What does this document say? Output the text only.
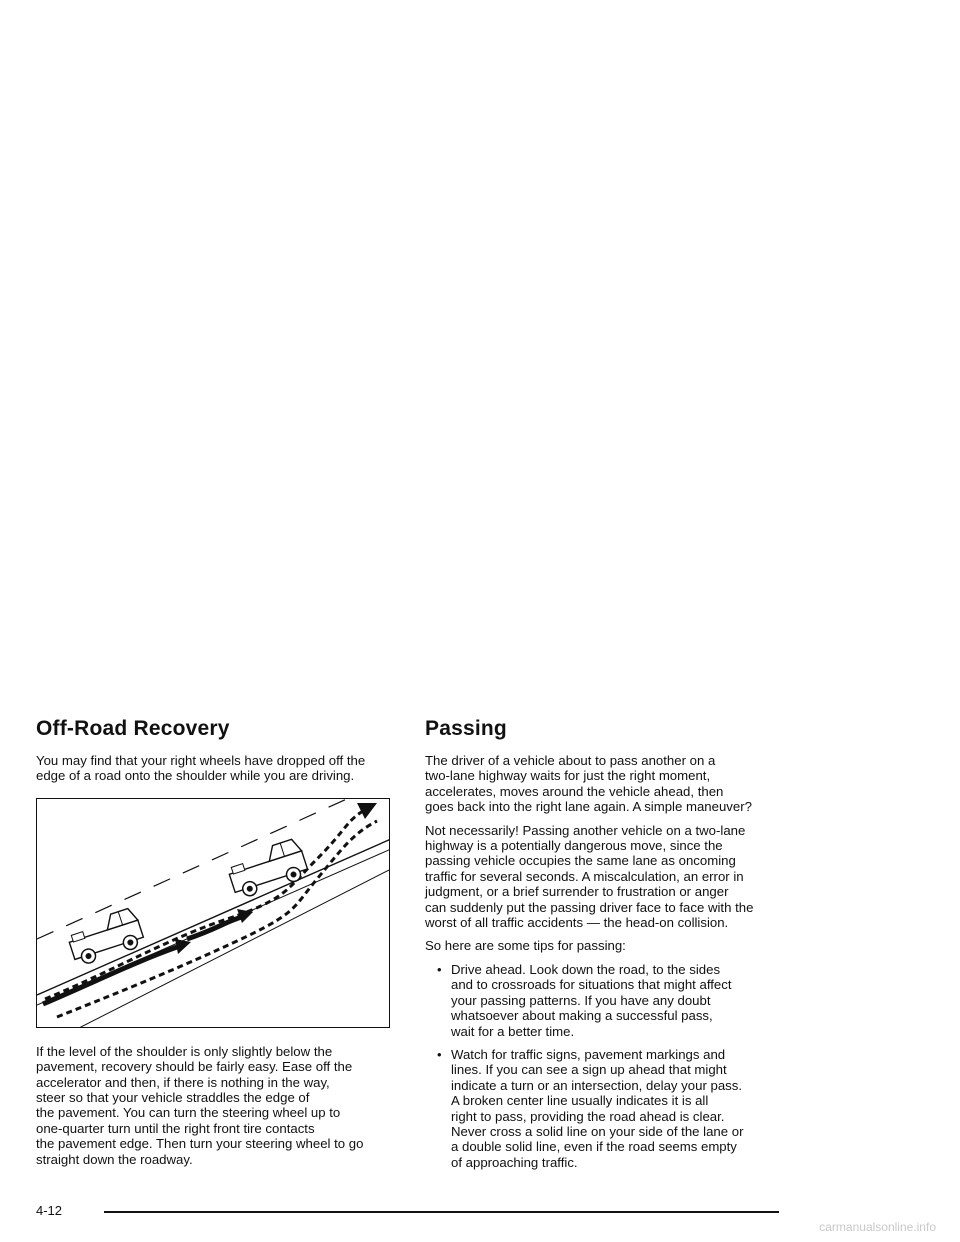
Off-Road Recovery

You may find that your right wheels have dropped off the
edge of a road onto the shoulder while you are driving.

If the level of the shoulder is only slightly below the
pavement, recovery should be fairly easy. Ease off the
accelerator and then, if there is nothing in the way,
steer so that your vehicle straddles the edge of
the pavement. You can turn the steering wheel up to
one-quarter turn until the right front tire contacts
the pavement edge. Then turn your steering wheel to go
straight down the roadway.

Passing

The driver of a vehicle about to pass another on a
two-lane highway waits for just the right moment,
accelerates, moves around the vehicle ahead, then
goes back into the right lane again. A simple maneuver?

Not necessarily! Passing another vehicle on a two-lane
highway is a potentially dangerous move, since the
passing vehicle occupies the same lane as oncoming
traffic for several seconds. A miscalculation, an error in
judgment, or a brief surrender to frustration or anger
can suddenly put the passing driver face to face with the
worst of all traffic accidents — the head-on collision.

So here are some tips for passing:

• Drive ahead. Look down the road, to the sides
and to crossroads for situations that might affect
your passing patterns. If you have any doubt
whatsoever about making a successful pass,
wait for a better time.

• Watch for traffic signs, pavement markings and
lines. If you can see a sign up ahead that might
indicate a turn or an intersection, delay your pass.
A broken center line usually indicates it is all
right to pass, providing the road ahead is clear.
Never cross a solid line on your side of the lane or
a double solid line, even if the road seems empty
of approaching traffic.

4-12
carmanualsonline.info
